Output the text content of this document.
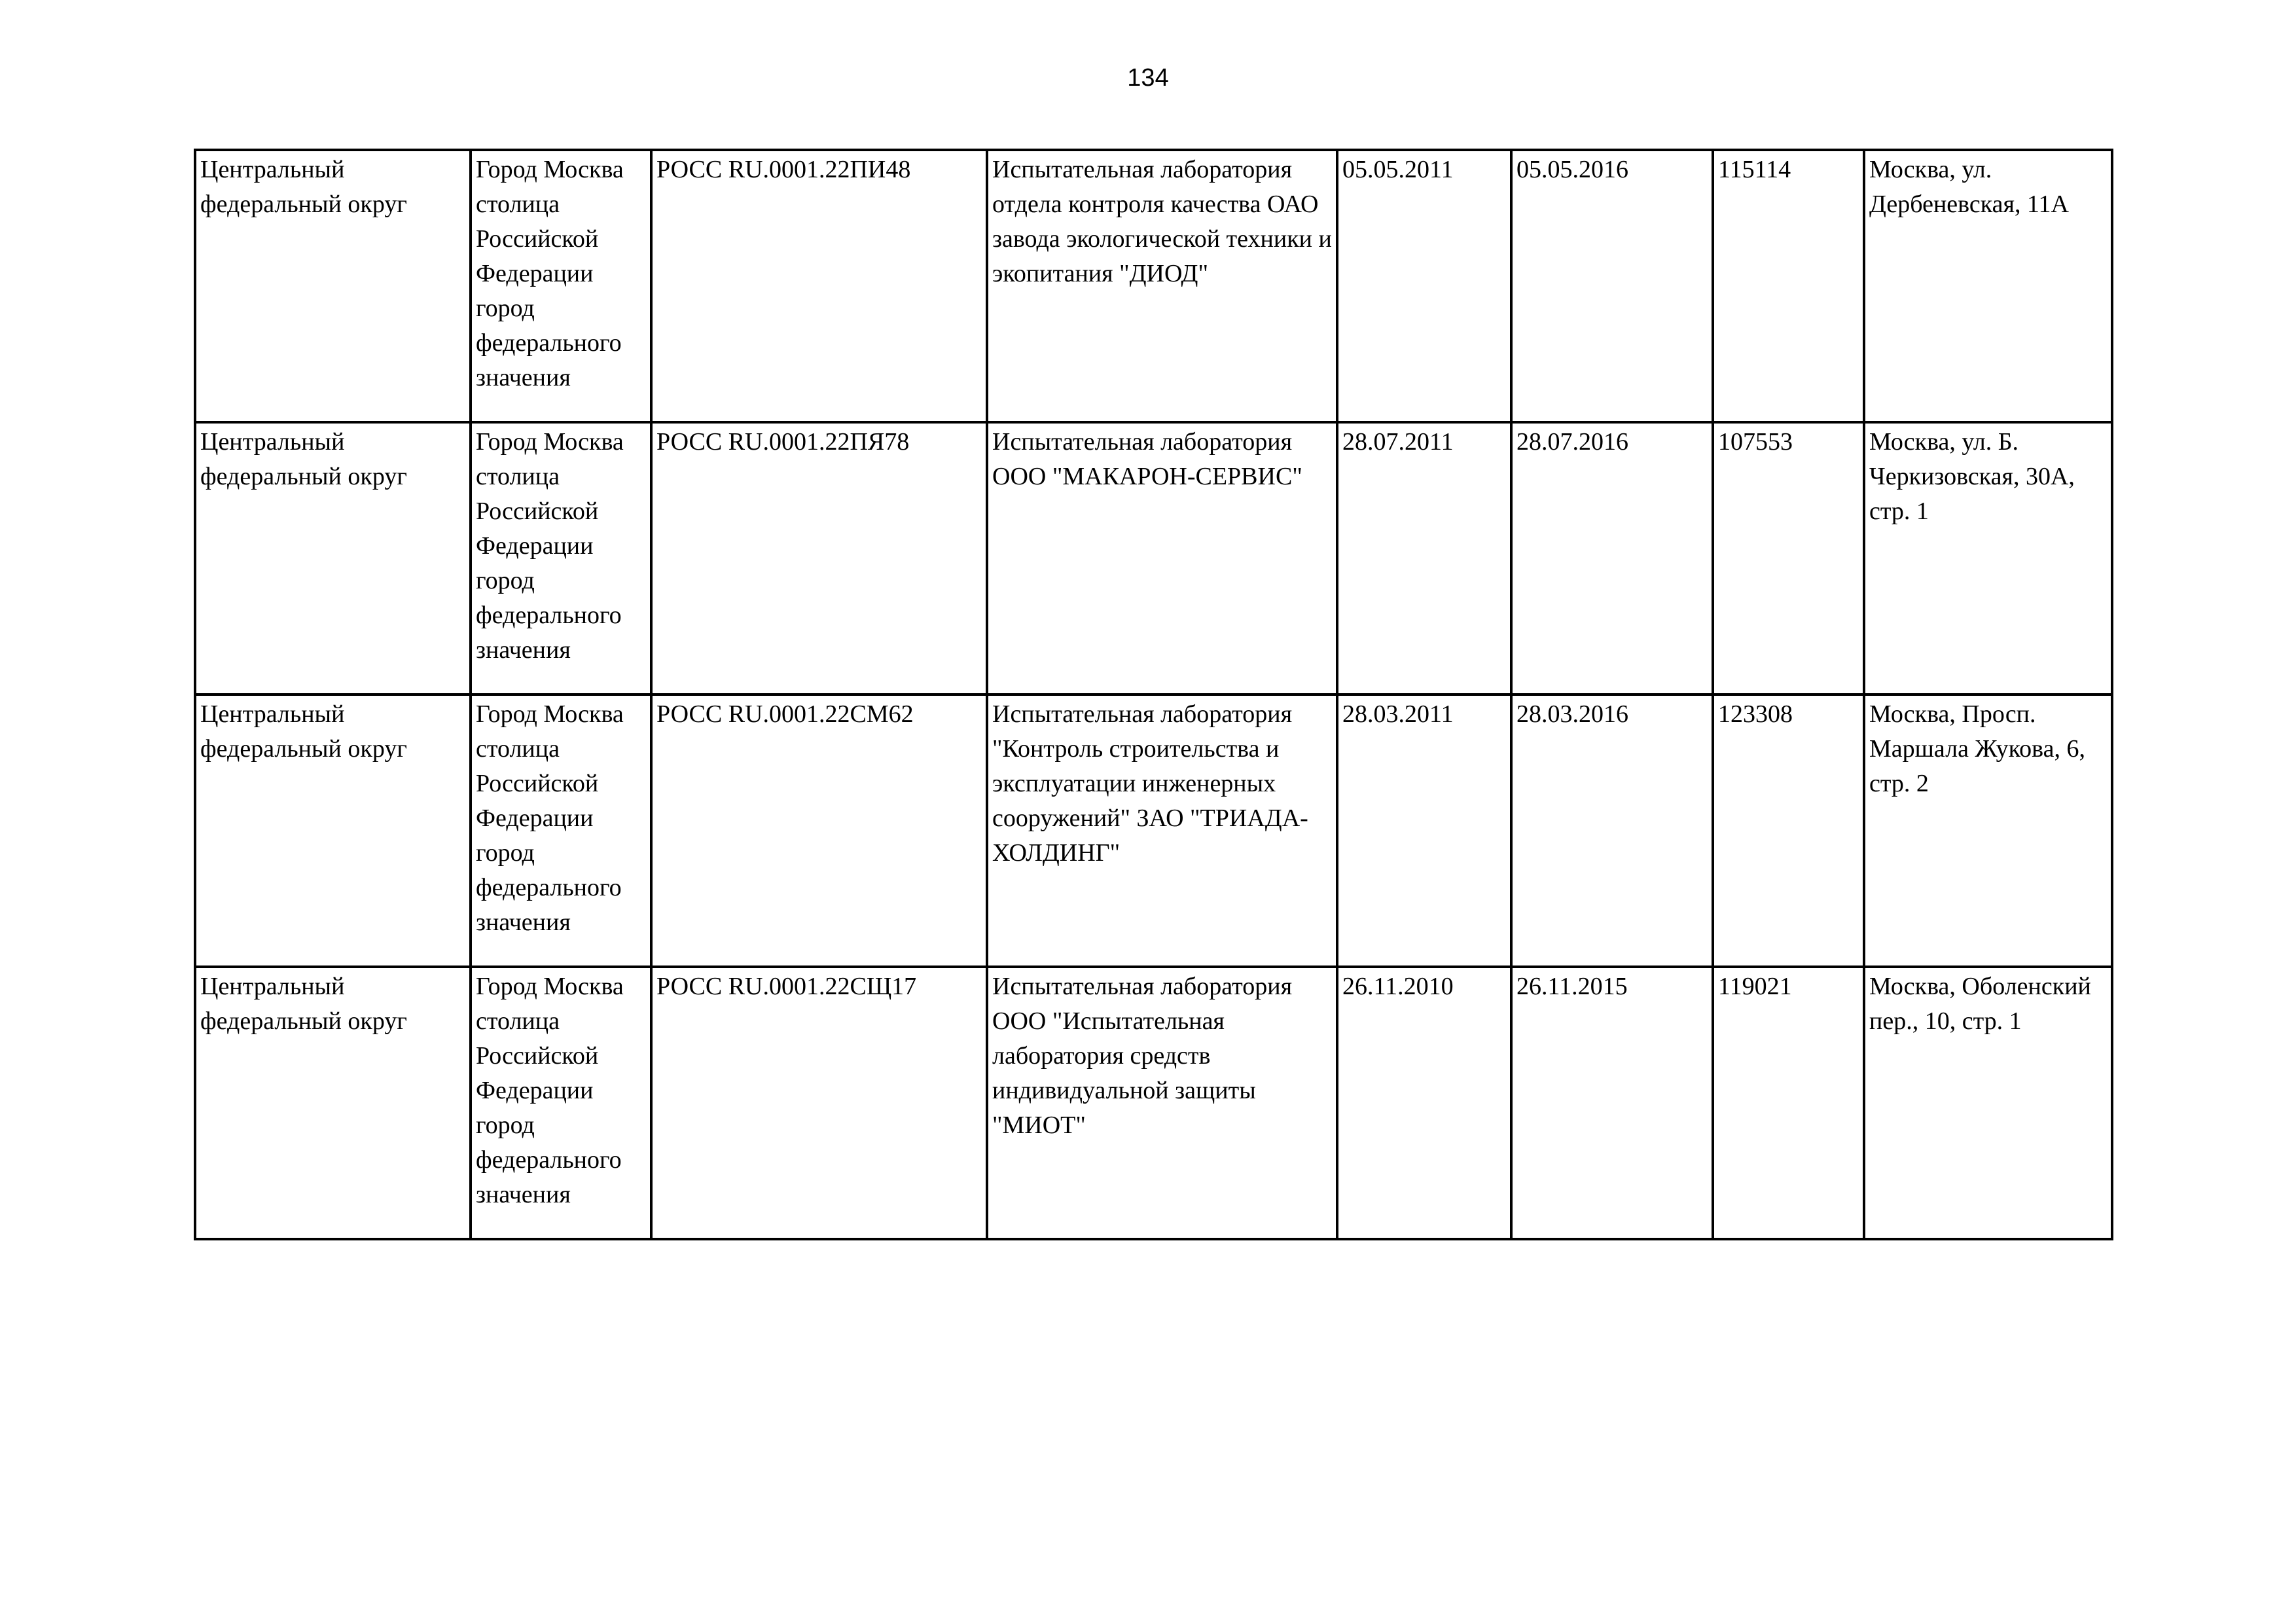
134
Центральный федеральный округ	Город Москва столица Российской Федерации город федерального значения	РОСС RU.0001.22ПИ48	Испытательная лаборатория отдела контроля качества ОАО завода экологической техники и экопитания "ДИОД"	05.05.2011	05.05.2016	115114	Москва, ул. Дербеневская, 11А

Центральный федеральный округ	Город Москва столица Российской Федерации город федерального значения	РОСС RU.0001.22ПЯ78	Испытательная лаборатория ООО "МАКАРОН-СЕРВИС"	28.07.2011	28.07.2016	107553	Москва, ул. Б. Черкизовская, 30А, стр. 1

Центральный федеральный округ	Город Москва столица Российской Федерации город федерального значения	РОСС RU.0001.22СМ62	Испытательная лаборатория "Контроль строительства и эксплуатации инженерных сооружений" ЗАО "ТРИАДА-ХОЛДИНГ"	28.03.2011	28.03.2016	123308	Москва, Просп. Маршала Жукова, 6, стр. 2

Центральный федеральный округ	Город Москва столица Российской Федерации город федерального значения	РОСС RU.0001.22СЩ17	Испытательная лаборатория ООО "Испытательная лаборатория средств индивидуальной защиты "МИОТ"	26.11.2010	26.11.2015	119021	Москва, Оболенский пер., 10, стр. 1
